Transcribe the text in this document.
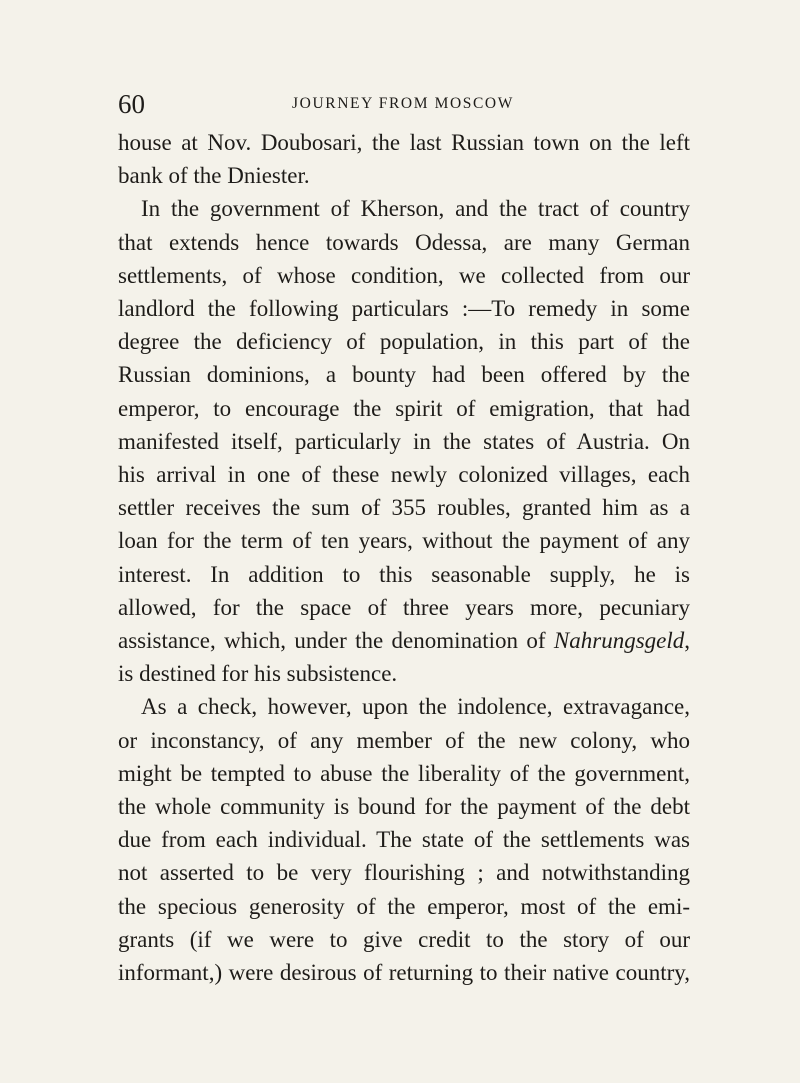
60	JOURNEY FROM MOSCOW

house at Nov. Doubosari, the last Russian town on the left

bank of the Dniester.

In the government of Kherson, and the tract of country

that extends hence towards Odessa, are many German

settlements, of whose condition, we collected from our

landlord the following particulars :—To remedy in some

degree the deficiency of population, in this part of the

Russian dominions, a bounty had been offered by the

emperor, to encourage the spirit of emigration, that had

manifested itself, particularly in the states of Austria. On

his arrival in one of these newly colonized villages, each

settler receives the sum of 355 roubles, granted him as a

loan for the term of ten years, without the payment of any

interest. In addition to this seasonable supply, he is

allowed, for the space of three years more, pecuniary

assistance, which, under the denomination of Nahrungsgeld,

is destined for his subsistence.

As a check, however, upon the indolence, extravagance,

or inconstancy, of any member of the new colony, who

might be tempted to abuse the liberality of the government,

the whole community is bound for the payment of the debt

due from each individual. The state of the settlements was

not asserted to be very flourishing ; and notwithstanding

the specious generosity of the emperor, most of the emi-

grants (if we were to give credit to the story of our

informant,) were desirous of returning to their native country,
